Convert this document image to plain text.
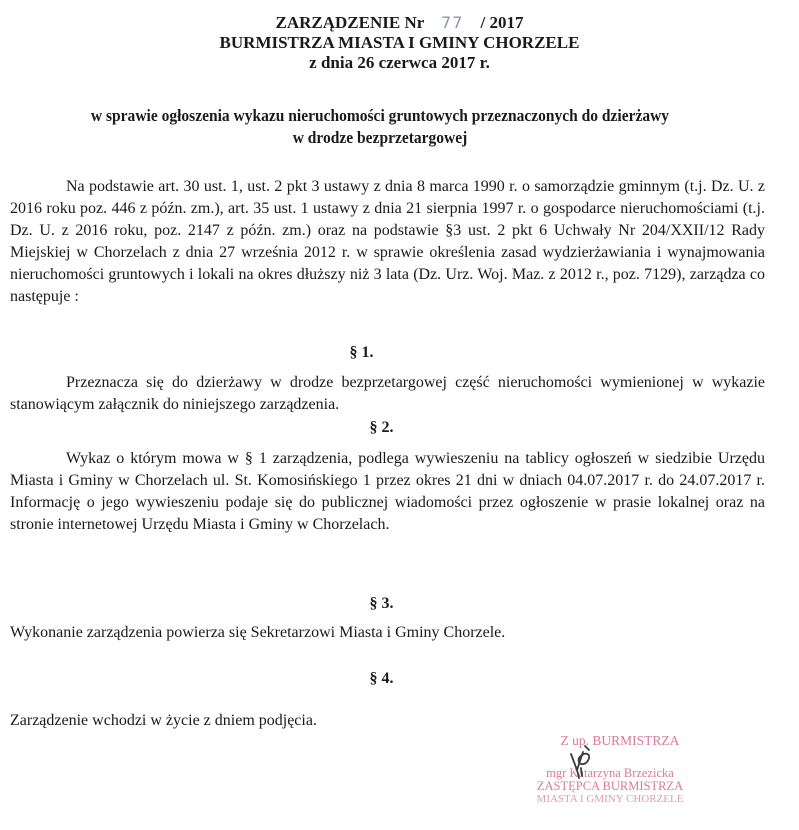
ZARZĄDZENIE Nr 77 / 2017
BURMISTRZA MIASTA I GMINY CHORZELE
z dnia 26 czerwca 2017 r.
w sprawie ogłoszenia wykazu nieruchomości gruntowych przeznaczonych do dzierżawy
w drodze bezprzetargowej
Na podstawie art. 30 ust. 1, ust. 2 pkt 3 ustawy z dnia 8 marca 1990 r. o samorządzie gminnym (t.j. Dz. U. z 2016 roku poz. 446 z późn. zm.), art. 35 ust. 1 ustawy z dnia 21 sierpnia 1997 r. o gospodarce nieruchomościami (t.j. Dz. U. z 2016 roku, poz. 2147 z późn. zm.) oraz na podstawie §3 ust. 2 pkt 6 Uchwały Nr 204/XXII/12 Rady Miejskiej w Chorzelach z dnia 27 września 2012 r. w sprawie określenia zasad wydzierżawiania i wynajmowania nieruchomości gruntowych i lokali na okres dłuższy niż 3 lata (Dz. Urz. Woj. Maz. z 2012 r., poz. 7129), zarządza co następuje :
§ 1.
Przeznacza się do dzierżawy w drodze bezprzetargowej część nieruchomości wymienionej w wykazie stanowiącym załącznik do niniejszego zarządzenia.
§ 2.
Wykaz o którym mowa w § 1 zarządzenia, podlega wywieszeniu na tablicy ogłoszeń w siedzibie Urzędu Miasta i Gminy w Chorzelach ul. St. Komosińskiego 1 przez okres 21 dni w dniach 04.07.2017 r. do 24.07.2017 r. Informację o jego wywieszeniu podaje się do publicznej wiadomości przez ogłoszenie w prasie lokalnej oraz na stronie internetowej Urzędu Miasta i Gminy w Chorzelach.
§ 3.
Wykonanie zarządzenia powierza się Sekretarzowi Miasta i Gminy Chorzele.
§ 4.
Zarządzenie wchodzi w życie z dniem podjęcia.
Z up. BURMISTRZA
mgr Katarzyna Brzezicka
ZASTĘPCA BURMISTRZA
MIASTA I GMINY CHORZELE
